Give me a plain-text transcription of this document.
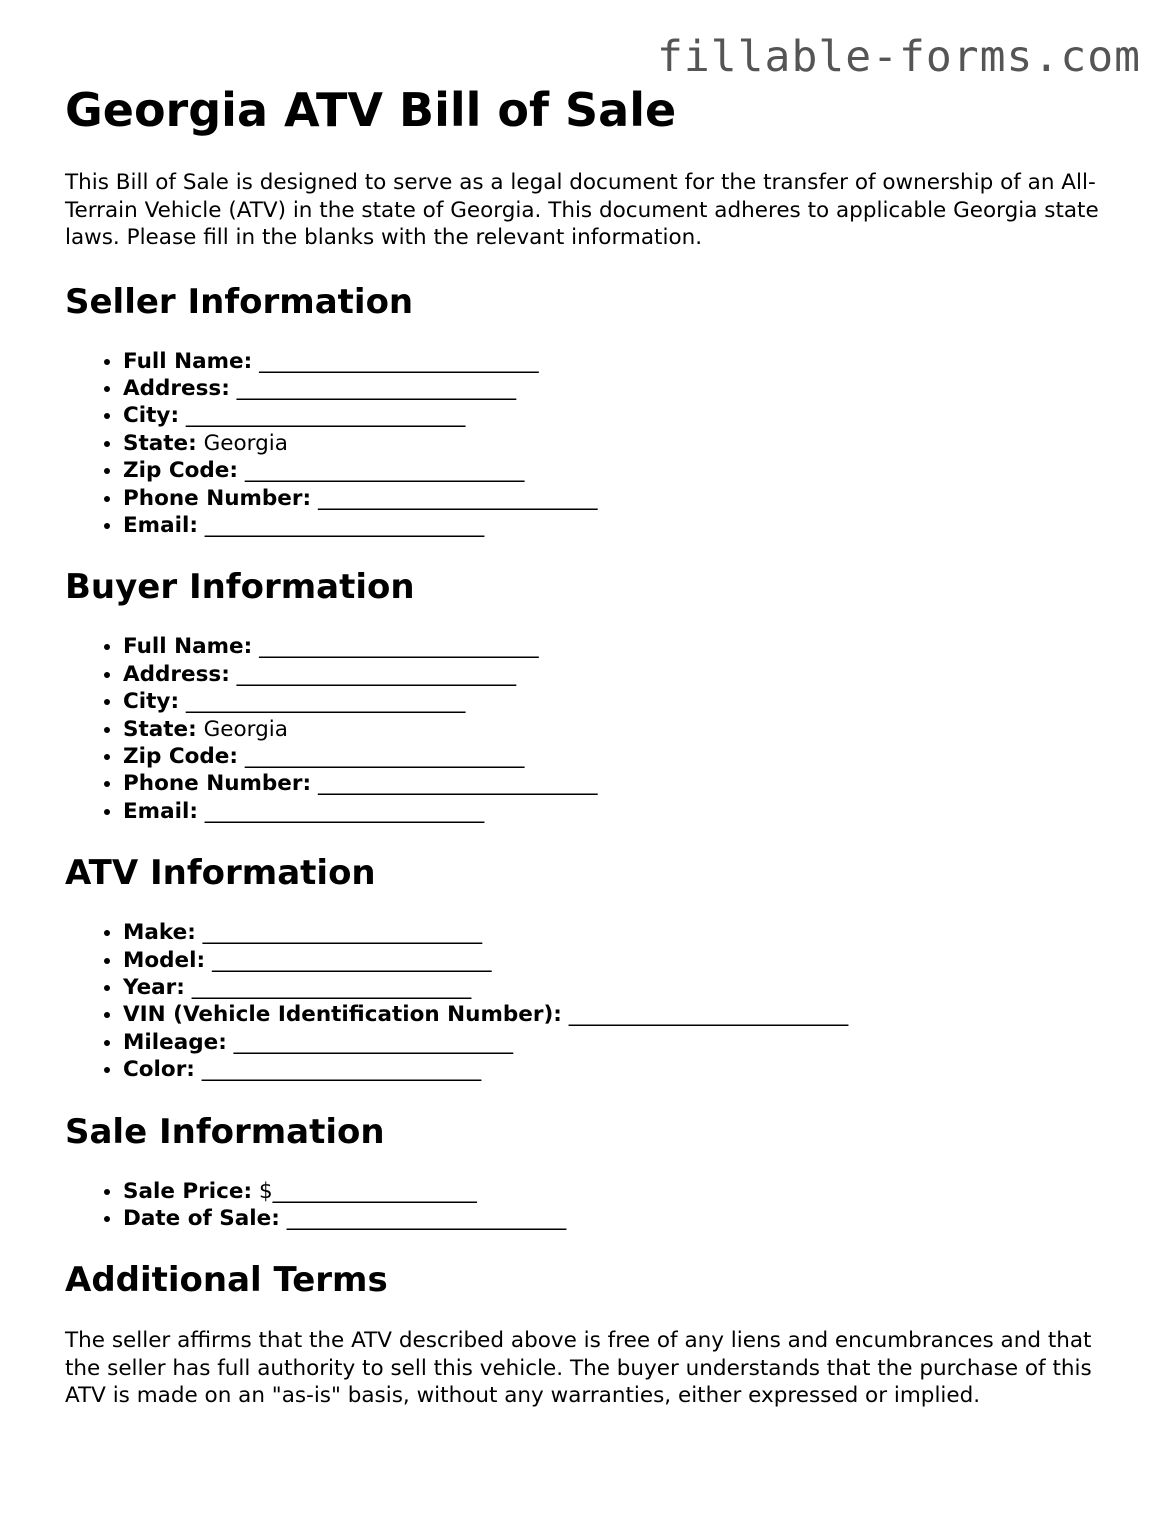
fillable-forms.com
Georgia ATV Bill of Sale

This Bill of Sale is designed to serve as a legal document for the transfer of ownership of an All-Terrain Vehicle (ATV) in the state of Georgia. This document adheres to applicable Georgia state laws. Please fill in the blanks with the relevant information.

Seller Information
• Full Name: __________________________
• Address: __________________________
• City: __________________________
• State: Georgia
• Zip Code: __________________________
• Phone Number: __________________________
• Email: __________________________
Buyer Information
• Full Name: __________________________
• Address: __________________________
• City: __________________________
• State: Georgia
• Zip Code: __________________________
• Phone Number: __________________________
• Email: __________________________
ATV Information
• Make: __________________________
• Model: __________________________
• Year: __________________________
• VIN (Vehicle Identification Number): __________________________
• Mileage: __________________________
• Color: __________________________
Sale Information
• Sale Price: $___________________
• Date of Sale: __________________________
Additional Terms

The seller affirms that the ATV described above is free of any liens and encumbrances and that the seller has full authority to sell this vehicle. The buyer understands that the purchase of this ATV is made on an "as-is" basis, without any warranties, either expressed or implied.
